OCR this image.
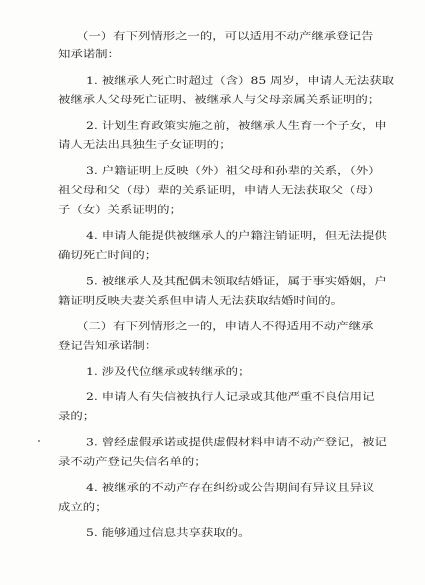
（一）有下列情形之一的，可以适用不动产继承登记告
知承诺制：
1. 被继承人死亡时超过（含）85 周岁，申请人无法获取
被继承人父母死亡证明、被继承人与父母亲属关系证明的；
2. 计划生育政策实施之前，被继承人生育一个子女，申
请人无法出具独生子女证明的；
3. 户籍证明上反映（外）祖父母和孙辈的关系，（外）
祖父母和父（母）辈的关系证明，申请人无法获取父（母）
子（女）关系证明的；
4. 申请人能提供被继承人的户籍注销证明，但无法提供
确切死亡时间的；
5. 被继承人及其配偶未领取结婚证，属于事实婚姻，户
籍证明反映夫妻关系但申请人无法获取结婚时间的。
（二）有下列情形之一的，申请人不得适用不动产继承
登记告知承诺制：
1. 涉及代位继承或转继承的；
2. 申请人有失信被执行人记录或其他严重不良信用记
录的；
3. 曾经虚假承诺或提供虚假材料申请不动产登记，被记
录不动产登记失信名单的；
4. 被继承的不动产存在纠纷或公告期间有异议且异议
成立的；
5. 能够通过信息共享获取的。
